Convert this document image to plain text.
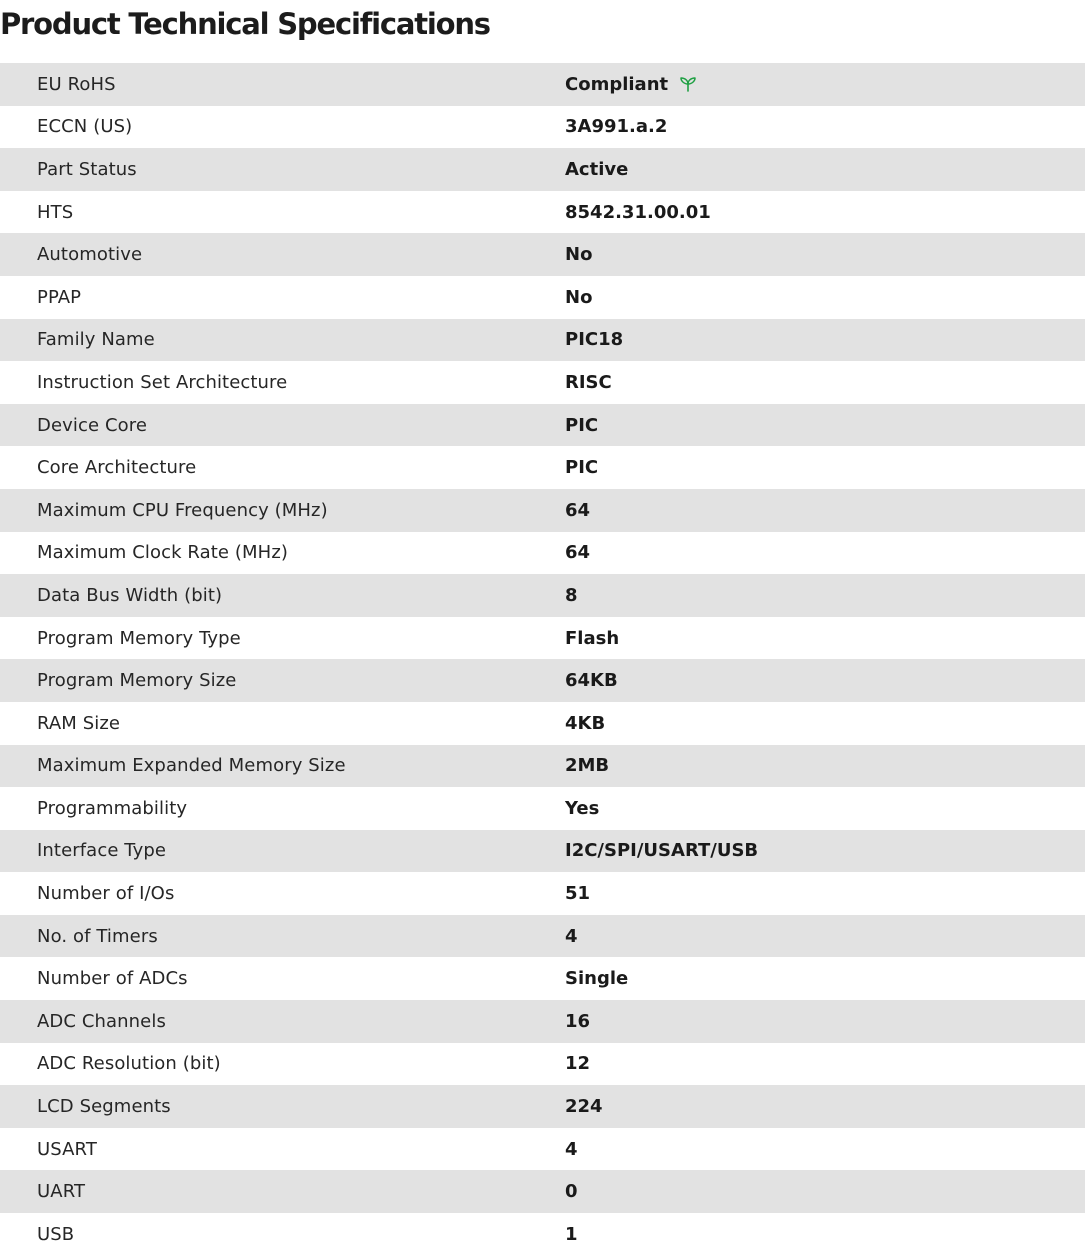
Product Technical Specifications
EU RoHS	Compliant
ECCN (US)	3A991.a.2
Part Status	Active
HTS	8542.31.00.01
Automotive	No
PPAP	No
Family Name	PIC18
Instruction Set Architecture	RISC
Device Core	PIC
Core Architecture	PIC
Maximum CPU Frequency (MHz)	64
Maximum Clock Rate (MHz)	64
Data Bus Width (bit)	8
Program Memory Type	Flash
Program Memory Size	64KB
RAM Size	4KB
Maximum Expanded Memory Size	2MB
Programmability	Yes
Interface Type	I2C/SPI/USART/USB
Number of I/Os	51
No. of Timers	4
Number of ADCs	Single
ADC Channels	16
ADC Resolution (bit)	12
LCD Segments	224
USART	4
UART	0
USB	1
